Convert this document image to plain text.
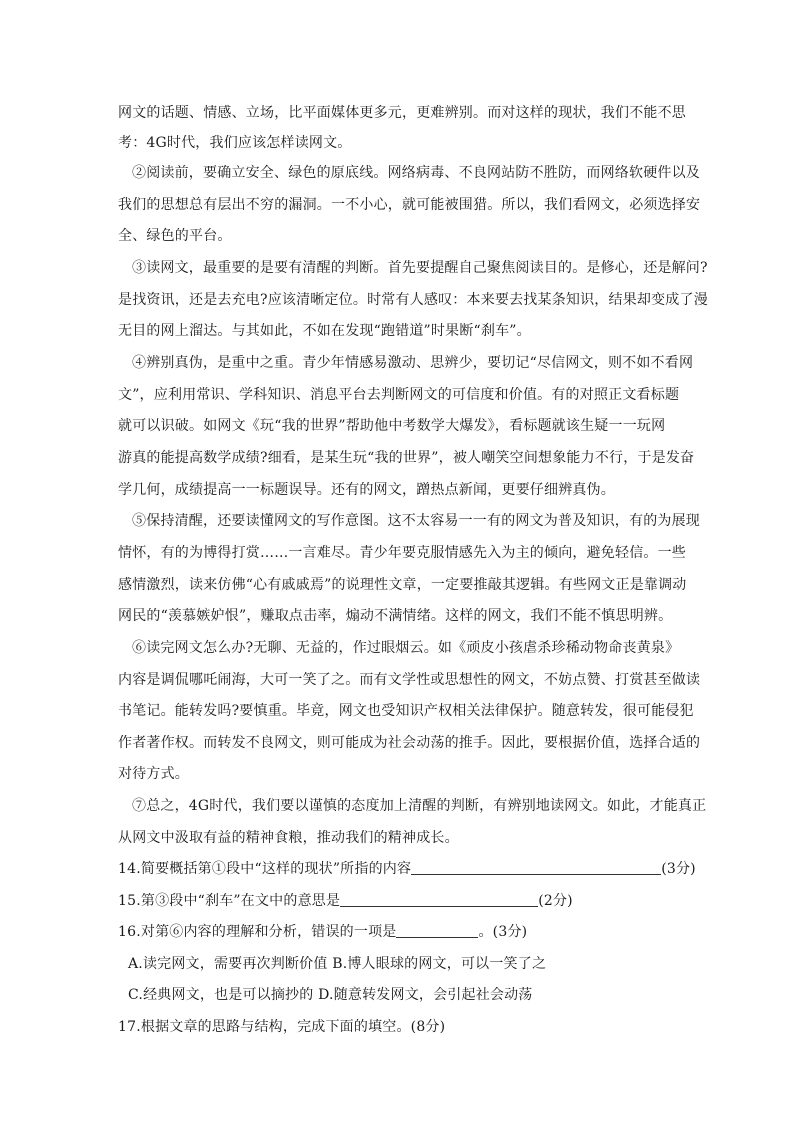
网文的话题、情感、立场，比平面媒体更多元，更难辨别。而对这样的现状，我们不能不思
考：4G时代，我们应该怎样读网文。
②阅读前，要确立安全、绿色的原底线。网络病毒、不良网站防不胜防，而网络软硬件以及
我们的思想总有层出不穷的漏洞。一不小心，就可能被围猎。所以，我们看网文，必须选择安
全、绿色的平台。
③读网文，最重要的是要有清醒的判断。首先要提醒自己聚焦阅读目的。是修心，还是解问?
是找资讯，还是去充电?应该清晰定位。时常有人感叹：本来要去找某条知识，结果却变成了漫
无目的网上溜达。与其如此，不如在发现“跑错道”时果断“刹车”。
④辨别真伪，是重中之重。青少年情感易激动、思辨少，要切记“尽信网文，则不如不看网
文”，应利用常识、学科知识、消息平台去判断网文的可信度和价值。有的对照正文看标题
就可以识破。如网文《玩“我的世界”帮助他中考数学大爆发》，看标题就该生疑一一玩网
游真的能提高数学成绩?细看，是某生玩“我的世界”，被人嘲笑空间想象能力不行，于是发奋
学几何，成绩提高一一标题误导。还有的网文，蹭热点新闻，更要仔细辨真伪。
⑤保持清醒，还要读懂网文的写作意图。这不太容易一一有的网文为普及知识，有的为展现
情怀，有的为博得打赏……一言难尽。青少年要克服情感先入为主的倾向，避免轻信。一些
感情激烈，读来仿佛“心有戚戚焉”的说理性文章，一定要推敲其逻辑。有些网文正是靠调动
网民的“羡慕嫉妒恨”，赚取点击率，煽动不满情绪。这样的网文，我们不能不慎思明辨。
⑥读完网文怎么办?无聊、无益的，作过眼烟云。如《顽皮小孩虐杀珍稀动物命丧黄泉》
内容是调侃哪吒闹海，大可一笑了之。而有文学性或思想性的网文，不妨点赞、打赏甚至做读
书笔记。能转发吗?要慎重。毕竟，网文也受知识产权相关法律保护。随意转发，很可能侵犯
作者著作权。而转发不良网文，则可能成为社会动荡的推手。因此，要根据价值，选择合适的
对待方式。
⑦总之，4G时代，我们要以谨慎的态度加上清醒的判断，有辨别地读网文。如此，才能真正
从网文中汲取有益的精神食粮，推动我们的精神成长。
14.简要概括第①段中“这样的现状”所指的内容	(3分)
15.第③段中“刹车”在文中的意思是	(2分)
16.对第⑥内容的理解和分析，错误的一项是	。(3分)
A.读完网文，需要再次判断价值 B.博人眼球的网文，可以一笑了之
C.经典网文，也是可以摘抄的 D.随意转发网文，会引起社会动荡
17.根据文章的思路与结构，完成下面的填空。(8分)
